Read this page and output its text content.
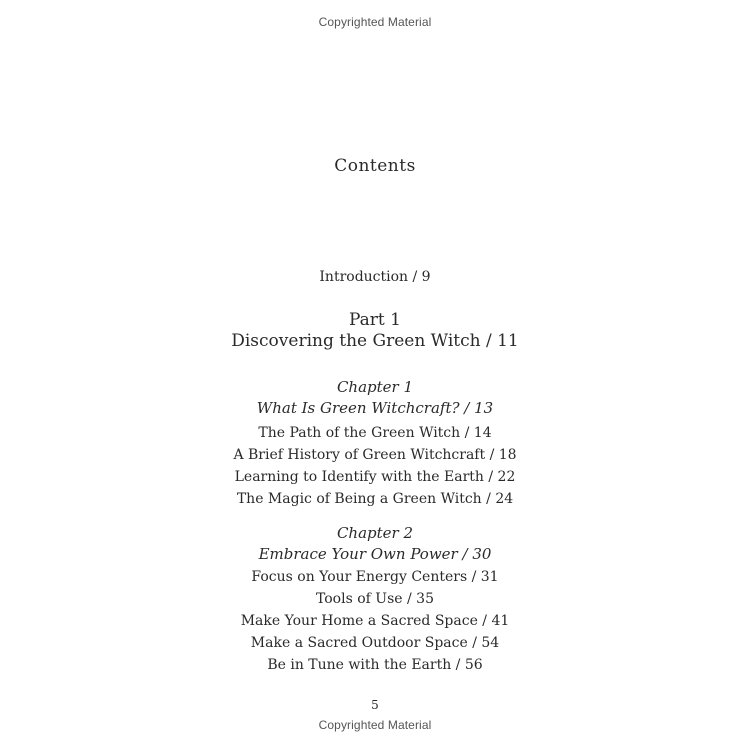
Copyrighted Material
Contents
Introduction / 9
Part 1
Discovering the Green Witch / 11
Chapter 1
What Is Green Witchcraft? / 13
The Path of the Green Witch / 14
A Brief History of Green Witchcraft / 18
Learning to Identify with the Earth / 22
The Magic of Being a Green Witch / 24
Chapter 2
Embrace Your Own Power / 30
Focus on Your Energy Centers / 31
Tools of Use / 35
Make Your Home a Sacred Space / 41
Make a Sacred Outdoor Space / 54
Be in Tune with the Earth / 56
5
Copyrighted Material
